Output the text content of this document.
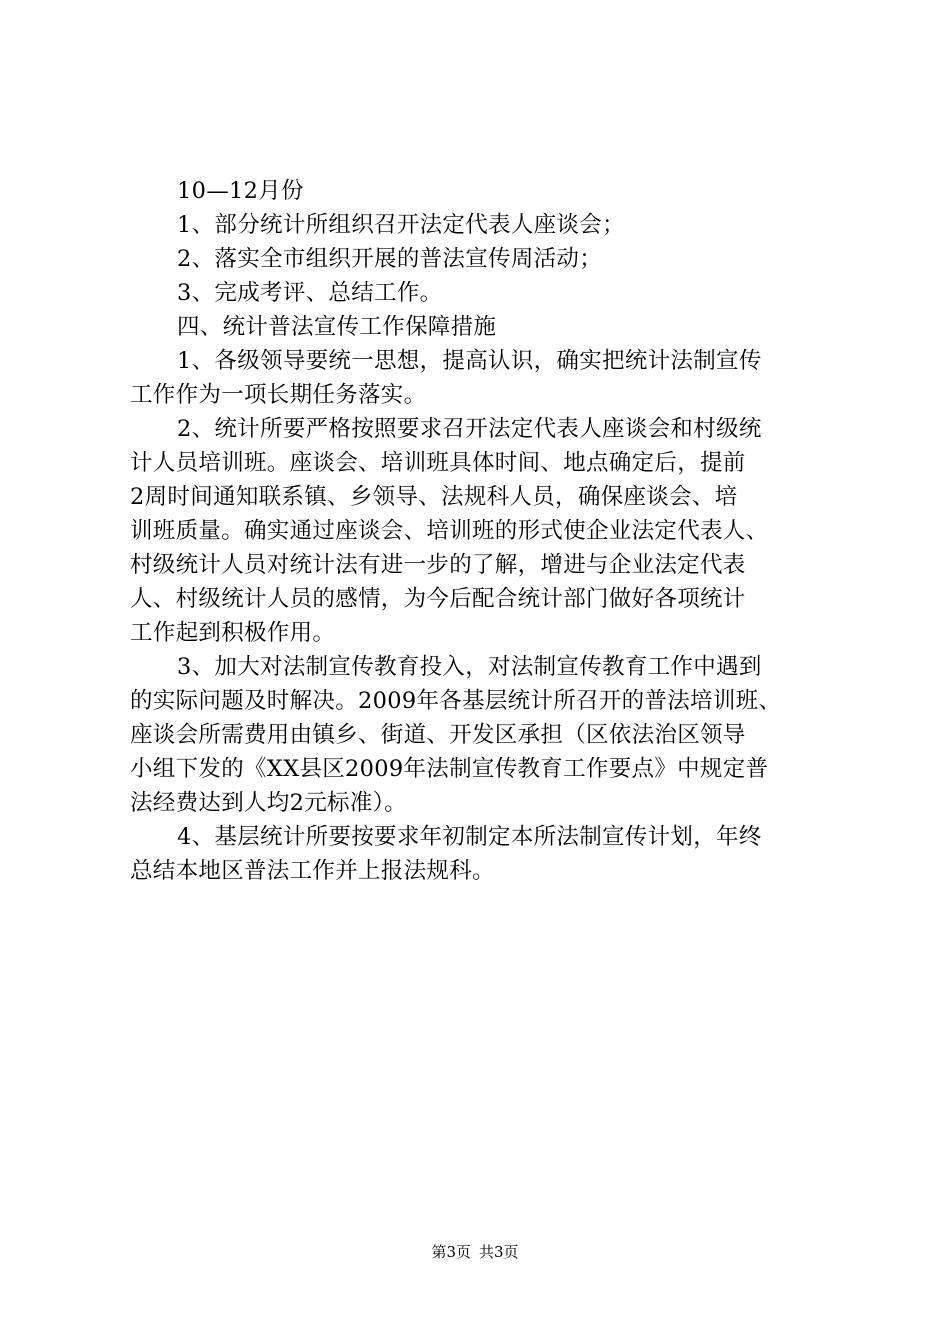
10—12月份
1、部分统计所组织召开法定代表人座谈会；
2、落实全市组织开展的普法宣传周活动；
3、完成考评、总结工作。
四、统计普法宣传工作保障措施
1、各级领导要统一思想，提高认识，确实把统计法制宣传
工作作为一项长期任务落实。
2、统计所要严格按照要求召开法定代表人座谈会和村级统
计人员培训班。座谈会、培训班具体时间、地点确定后，提前
2周时间通知联系镇、乡领导、法规科人员，确保座谈会、培
训班质量。确实通过座谈会、培训班的形式使企业法定代表人、
村级统计人员对统计法有进一步的了解，增进与企业法定代表
人、村级统计人员的感情，为今后配合统计部门做好各项统计
工作起到积极作用。
3、加大对法制宣传教育投入，对法制宣传教育工作中遇到
的实际问题及时解决。2009年各基层统计所召开的普法培训班、
座谈会所需费用由镇乡、街道、开发区承担（区依法治区领导
小组下发的《XX县区2009年法制宣传教育工作要点》中规定普
法经费达到人均2元标准）。
4、基层统计所要按要求年初制定本所法制宣传计划，年终
总结本地区普法工作并上报法规科。
第3页 共3页
